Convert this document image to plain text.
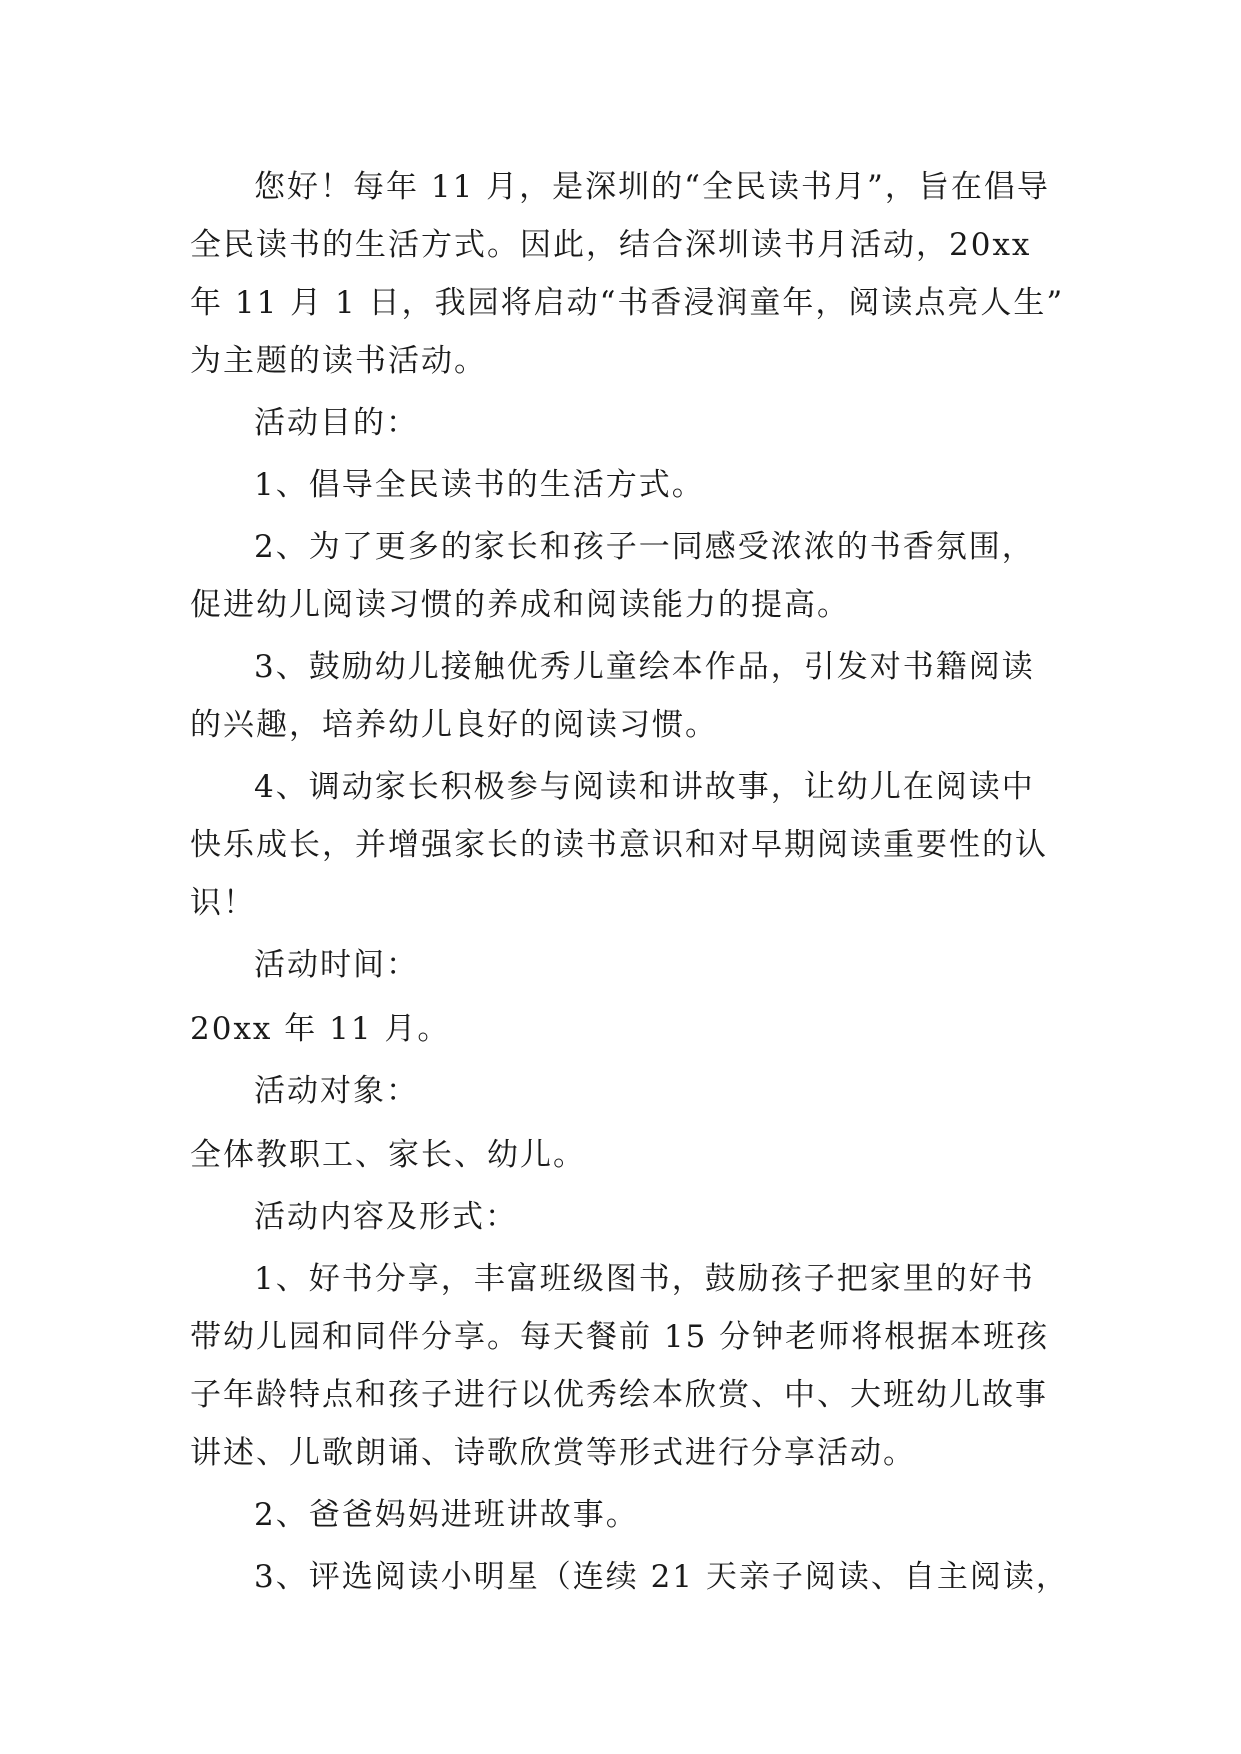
您好！每年 11 月，是深圳的“全民读书月”，旨在倡导
全民读书的生活方式。因此，结合深圳读书月活动，20xx
年 11 月 1 日，我园将启动“书香浸润童年，阅读点亮人生”
为主题的读书活动。
活动目的：
1、倡导全民读书的生活方式。
2、为了更多的家长和孩子一同感受浓浓的书香氛围，
促进幼儿阅读习惯的养成和阅读能力的提高。
3、鼓励幼儿接触优秀儿童绘本作品，引发对书籍阅读
的兴趣，培养幼儿良好的阅读习惯。
4、调动家长积极参与阅读和讲故事，让幼儿在阅读中
快乐成长，并增强家长的读书意识和对早期阅读重要性的认
识！
活动时间：
20xx 年 11 月。
活动对象：
全体教职工、家长、幼儿。
活动内容及形式：
1、好书分享，丰富班级图书，鼓励孩子把家里的好书
带幼儿园和同伴分享。每天餐前 15 分钟老师将根据本班孩
子年龄特点和孩子进行以优秀绘本欣赏、中、大班幼儿故事
讲述、儿歌朗诵、诗歌欣赏等形式进行分享活动。
2、爸爸妈妈进班讲故事。
3、评选阅读小明星（连续 21 天亲子阅读、自主阅读，
